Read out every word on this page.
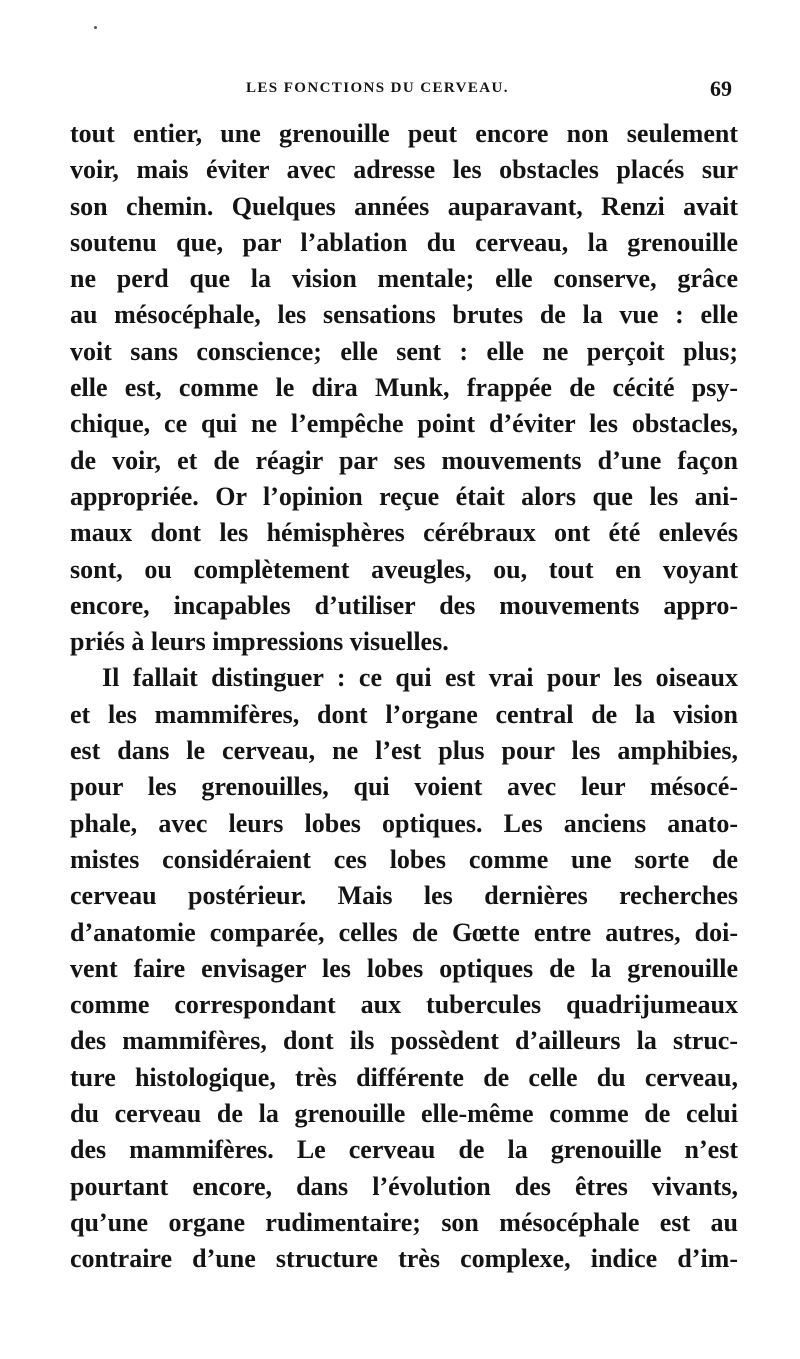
LES FONCTIONS DU CERVEAU.	69
tout entier, une grenouille peut encore non seulement
voir, mais éviter avec adresse les obstacles placés sur
son chemin. Quelques années auparavant, Renzi avait
soutenu que, par l’ablation du cerveau, la grenouille
ne perd que la vision mentale; elle conserve, grâce
au mésocéphale, les sensations brutes de la vue : elle
voit sans conscience; elle sent : elle ne perçoit plus;
elle est, comme le dira Munk, frappée de cécité psy-
chique, ce qui ne l’empêche point d’éviter les obstacles,
de voir, et de réagir par ses mouvements d’une façon
appropriée. Or l’opinion reçue était alors que les ani-
maux dont les hémisphères cérébraux ont été enlevés
sont, ou complètement aveugles, ou, tout en voyant
encore, incapables d’utiliser des mouvements appro-
priés à leurs impressions visuelles.
Il fallait distinguer : ce qui est vrai pour les oiseaux
et les mammifères, dont l’organe central de la vision
est dans le cerveau, ne l’est plus pour les amphibies,
pour les grenouilles, qui voient avec leur mésocé-
phale, avec leurs lobes optiques. Les anciens anato-
mistes considéraient ces lobes comme une sorte de
cerveau postérieur. Mais les dernières recherches
d’anatomie comparée, celles de Gœtte entre autres, doi-
vent faire envisager les lobes optiques de la grenouille
comme correspondant aux tubercules quadrijumeaux
des mammifères, dont ils possèdent d’ailleurs la struc-
ture histologique, très différente de celle du cerveau,
du cerveau de la grenouille elle-même comme de celui
des mammifères. Le cerveau de la grenouille n’est
pourtant encore, dans l’évolution des êtres vivants,
qu’une organe rudimentaire; son mésocéphale est au
contraire d’une structure très complexe, indice d’im-
